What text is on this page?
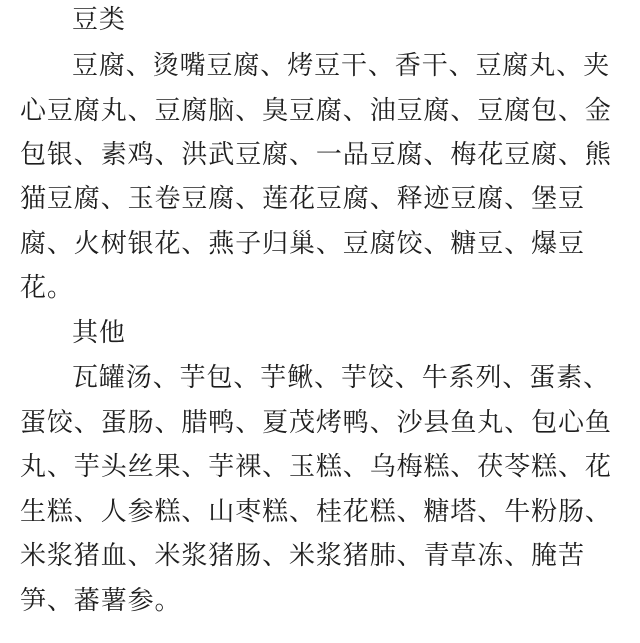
豆类
豆腐、烫嘴豆腐、烤豆干、香干、豆腐丸、夹
心豆腐丸、豆腐脑、臭豆腐、油豆腐、豆腐包、金
包银、素鸡、洪武豆腐、一品豆腐、梅花豆腐、熊
猫豆腐、玉卷豆腐、莲花豆腐、释迹豆腐、堡豆
腐、火树银花、燕子归巢、豆腐饺、糖豆、爆豆
花。
其他
瓦罐汤、芋包、芋鳅、芋饺、牛系列、蛋素、
蛋饺、蛋肠、腊鸭、夏茂烤鸭、沙县鱼丸、包心鱼
丸、芋头丝果、芋裸、玉糕、乌梅糕、茯苓糕、花
生糕、人参糕、山枣糕、桂花糕、糖塔、牛粉肠、
米浆猪血、米浆猪肠、米浆猪肺、青草冻、腌苦
笋、蕃薯参。
